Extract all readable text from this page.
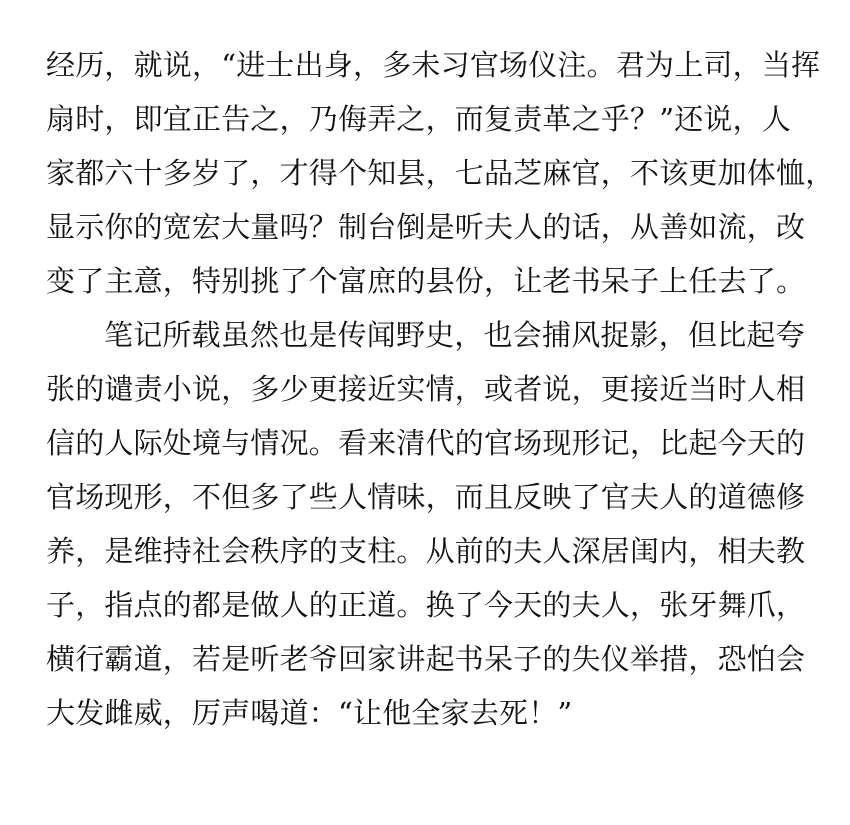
经历，就说，“进士出身，多未习官场仪注。君为上司，当挥
扇时，即宜正告之，乃侮弄之，而复责革之乎？”还说，人
家都六十多岁了，才得个知县，七品芝麻官，不该更加体恤，
显示你的宽宏大量吗？制台倒是听夫人的话，从善如流，改
变了主意，特别挑了个富庶的县份，让老书呆子上任去了。
笔记所载虽然也是传闻野史，也会捕风捉影，但比起夸
张的谴责小说，多少更接近实情，或者说，更接近当时人相
信的人际处境与情况。看来清代的官场现形记，比起今天的
官场现形，不但多了些人情味，而且反映了官夫人的道德修
养，是维持社会秩序的支柱。从前的夫人深居闺内，相夫教
子，指点的都是做人的正道。换了今天的夫人，张牙舞爪，
横行霸道，若是听老爷回家讲起书呆子的失仪举措，恐怕会
大发雌威，厉声喝道：“让他全家去死！”
